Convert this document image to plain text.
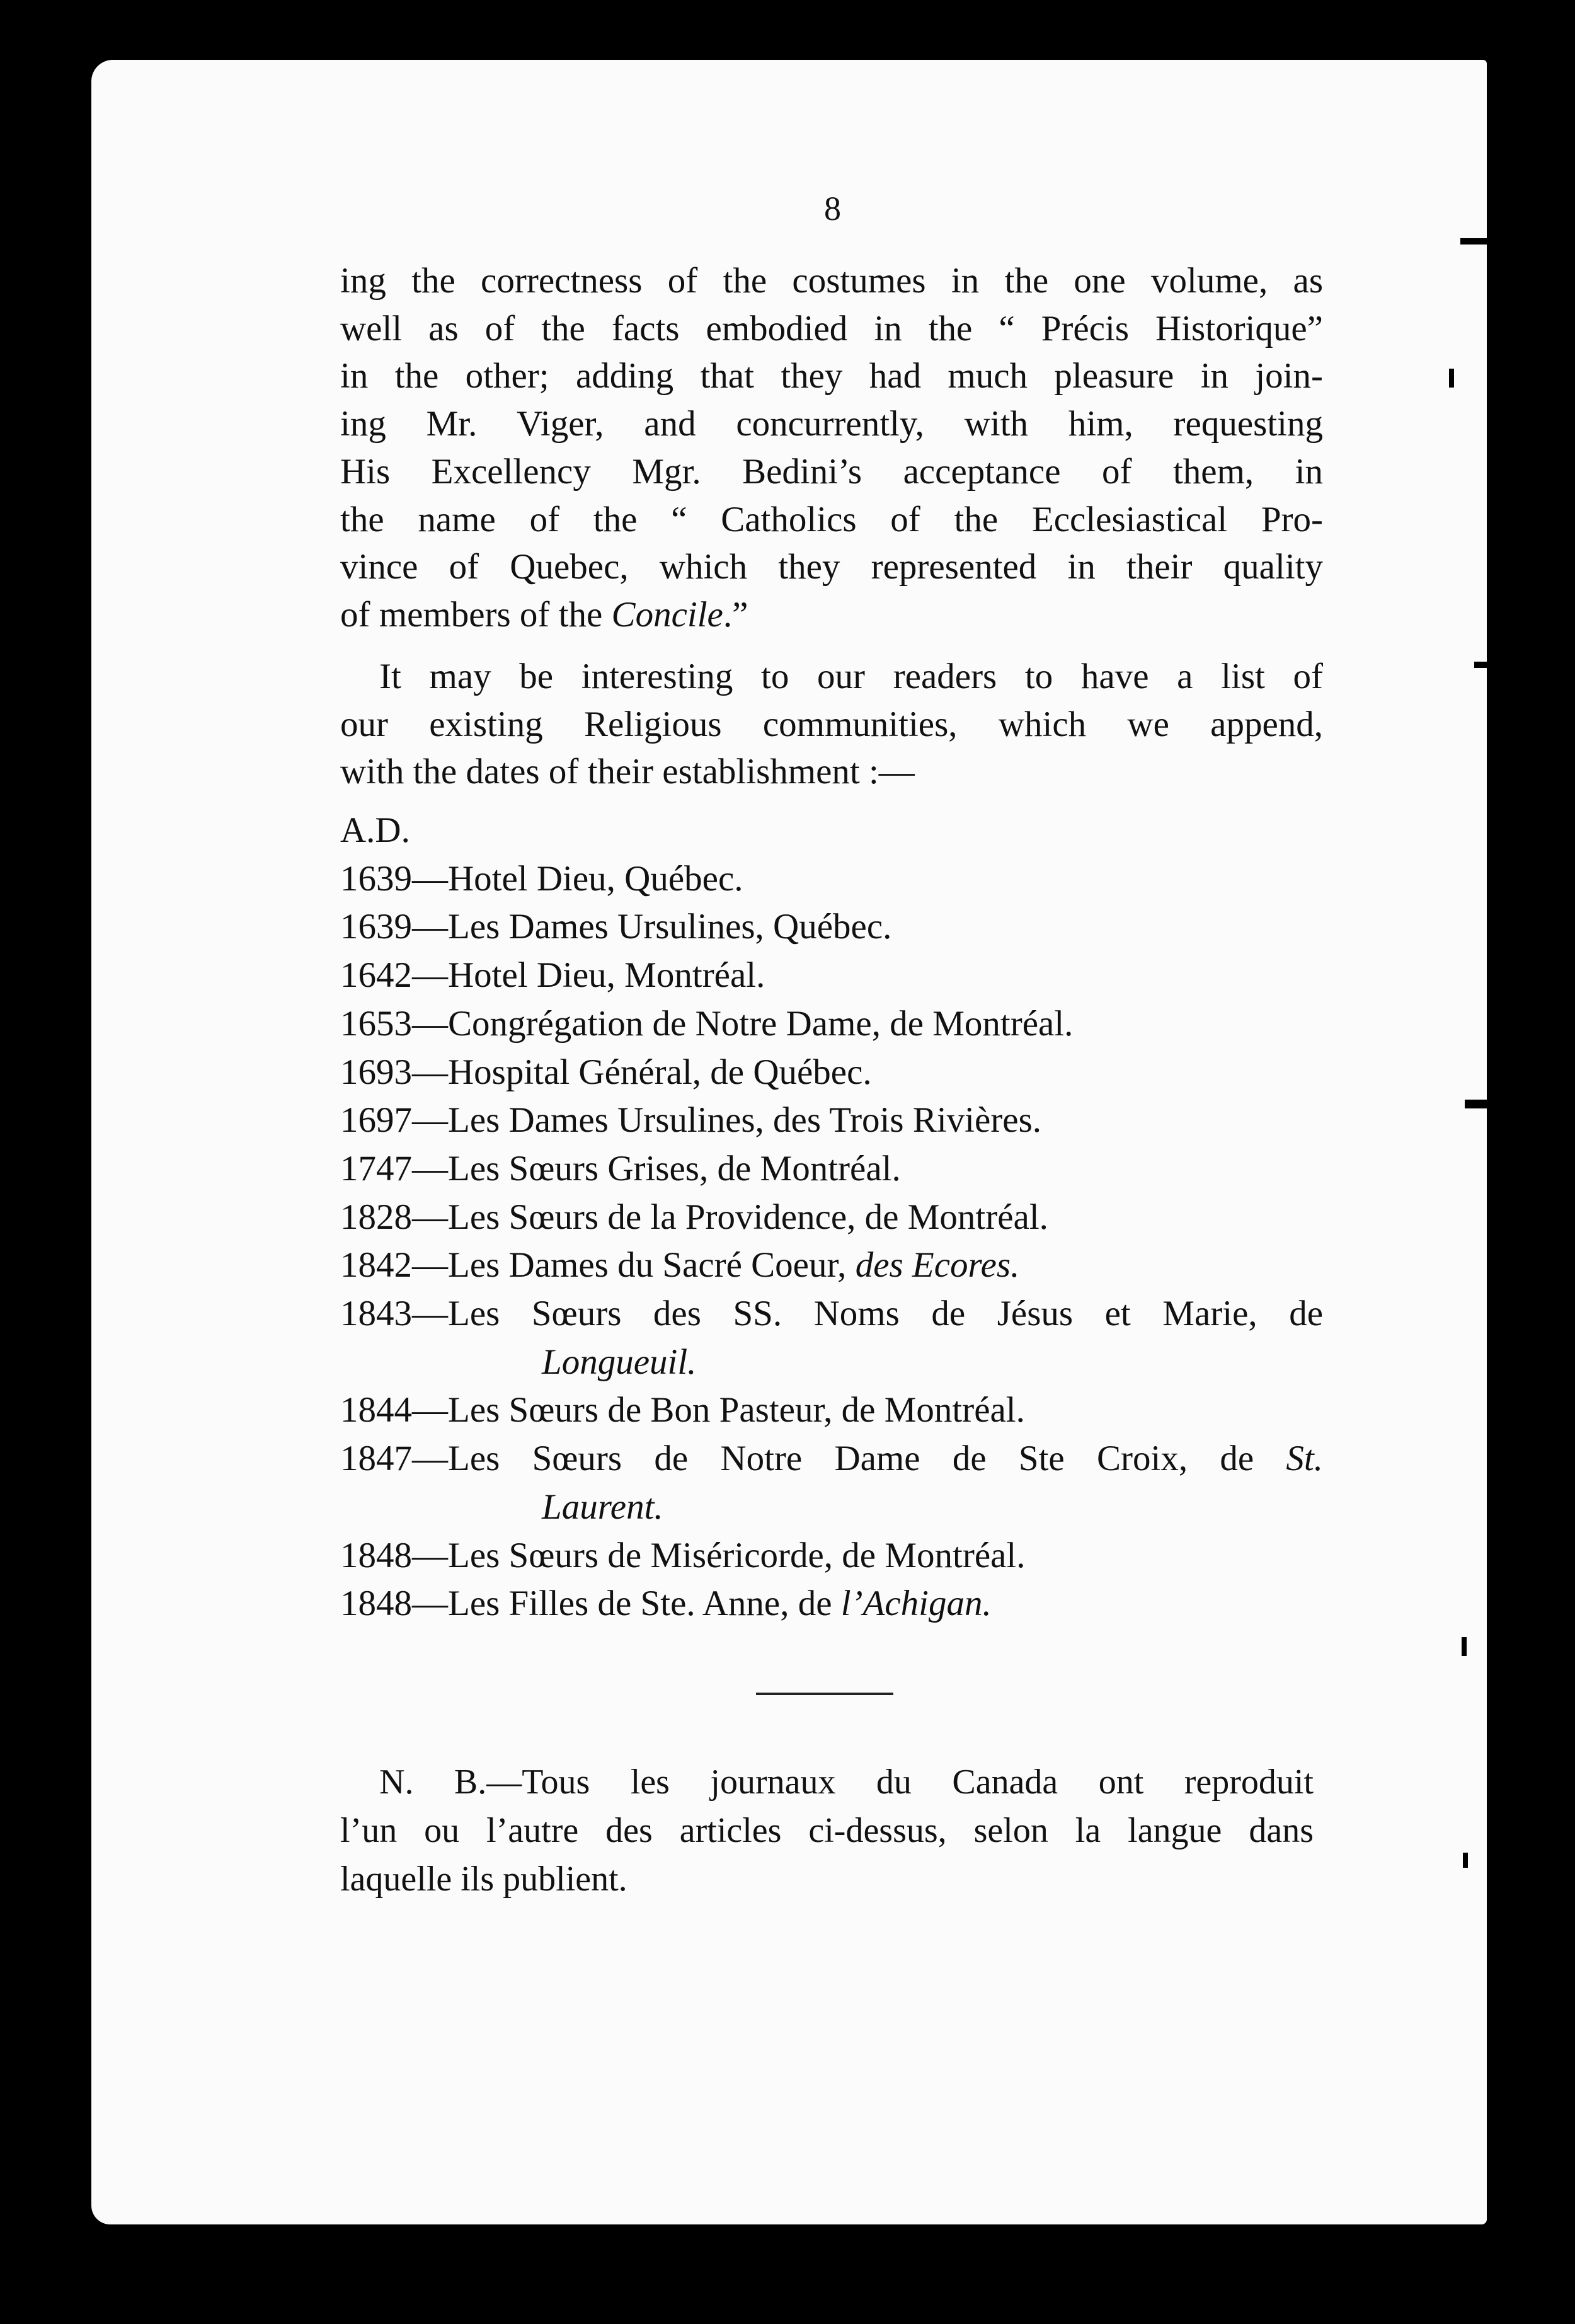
8
ing the correctness of the costumes in the one volume, as
well as of the facts embodied in the “ Précis Historique”
in the other; adding that they had much pleasure in join-
ing Mr. Viger, and concurrently, with him, requesting
His Excellency Mgr. Bedini’s acceptance of them, in
the name of the “ Catholics of the Ecclesiastical Pro-
vince of Quebec, which they represented in their quality
of members of the Concile.”
It may be interesting to our readers to have a list of
our existing Religious communities, which we append,
with the dates of their establishment :—
A.D.
1639—Hotel Dieu, Québec.
1639—Les Dames Ursulines, Québec.
1642—Hotel Dieu, Montréal.
1653—Congrégation de Notre Dame, de Montréal.
1693—Hospital Général, de Québec.
1697—Les Dames Ursulines, des Trois Rivières.
1747—Les Sœurs Grises, de Montréal.
1828—Les Sœurs de la Providence, de Montréal.
1842—Les Dames du Sacré Coeur, des Ecores.
1843—Les Sœurs des SS. Noms de Jésus et Marie, de
Longueuil.
1844—Les Sœurs de Bon Pasteur, de Montréal.
1847—Les Sœurs de Notre Dame de Ste Croix, de St.
Laurent.
1848—Les Sœurs de Miséricorde, de Montréal.
1848—Les Filles de Ste. Anne, de l’Achigan.
N. B.—Tous les journaux du Canada ont reproduit
l’un ou l’autre des articles ci-dessus, selon la langue dans
laquelle ils publient.
